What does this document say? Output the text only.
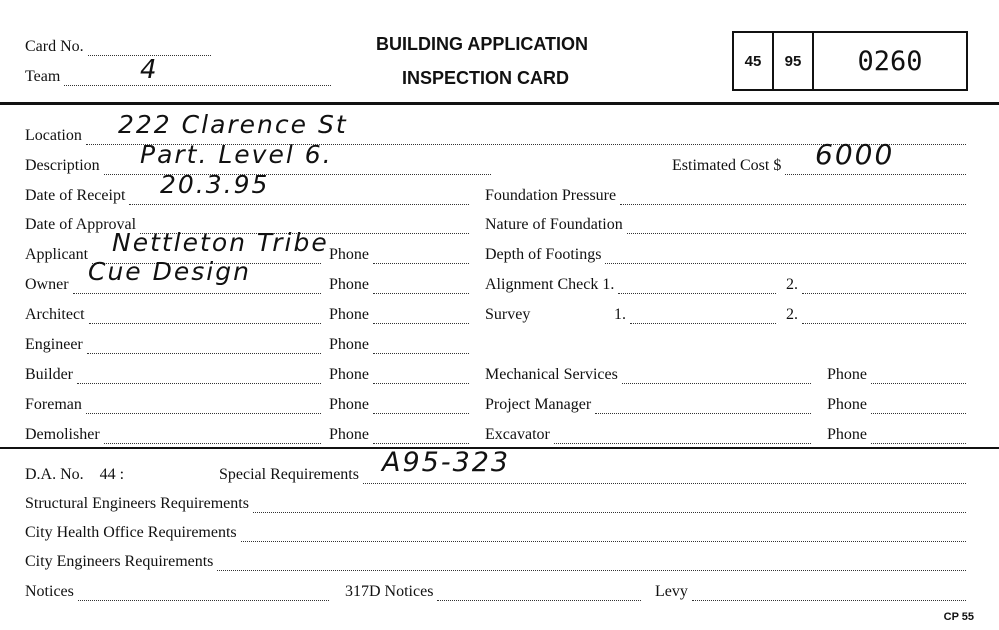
Card No.
Team	4
BUILDING APPLICATION
INSPECTION CARD
45	95	0260
Location 222 Clarence St
Description Part. Level 6.	Estimated Cost $ 6000
Date of Receipt 20.3.95	Foundation Pressure
Date of Approval	Nature of Foundation
Applicant Nettleton Tribe Phone	Depth of Footings
Owner Cue Design	Phone	Alignment Check 1.	2.
Architect	Phone	Survey	1.	2.
Engineer	Phone
Builder	Phone	Mechanical Services	Phone
Foreman	Phone	Project Manager	Phone
Demolisher	Phone	Excavator	Phone
D.A. No. 44 :	Special Requirements A95-323
Structural Engineers Requirements
City Health Office Requirements
City Engineers Requirements
Notices	317D Notices	Levy
CP 55
